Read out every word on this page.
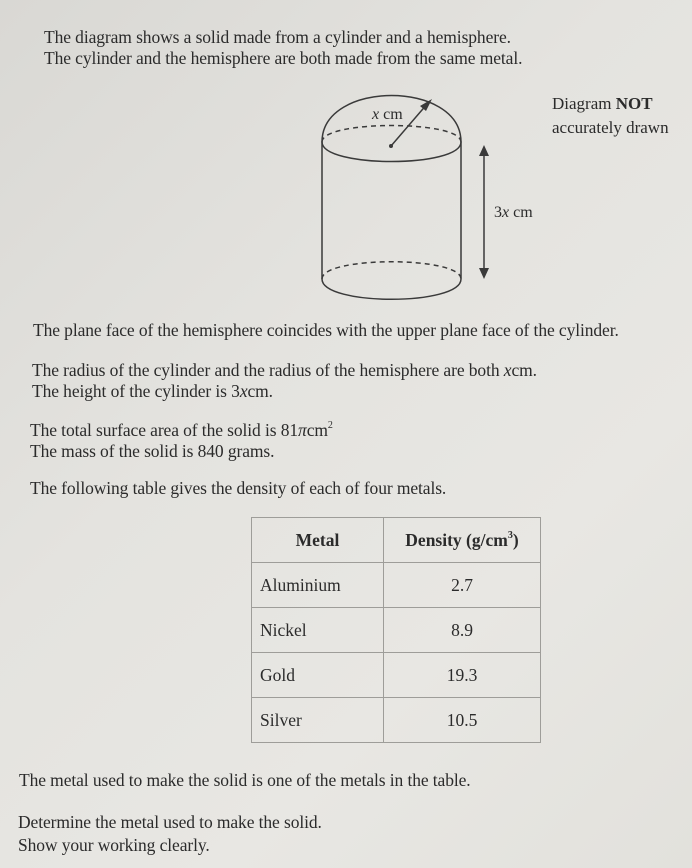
The diagram shows a solid made from a cylinder and a hemisphere.
The cylinder and the hemisphere are both made from the same metal.
x cm
3x cm
Diagram NOT
accurately drawn
The plane face of the hemisphere coincides with the upper plane face of the cylinder.
The radius of the cylinder and the radius of the hemisphere are both xcm.
The height of the cylinder is 3xcm.
The total surface area of the solid is 81πcm$^2$
The mass of the solid is 840 grams.
The following table gives the density of each of four metals.
Metal	Density $(g/cm^3)$
Aluminium	2.7
Nickel	8.9
Gold	19.3
Silver	10.5
The metal used to make the solid is one of the metals in the table.
Determine the metal used to make the solid.
Show your working clearly.
